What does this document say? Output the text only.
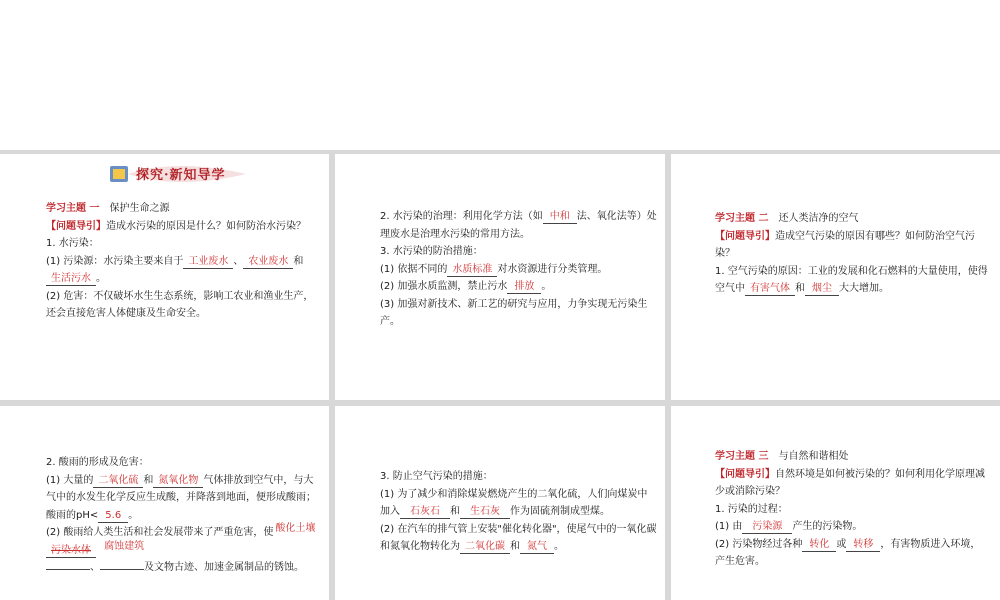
学习主题 一 保护生命之源

【问题导引】造成水污染的原因是什么？如何防治水污染？

1. 水污染：

(1) 污染源：水污染主要来自于 工业废水 、 农业废水 和
生活污水 。

(2) 危害：不仅破坏水生生态系统，影响工农业和渔业生产，还会直接危害人体健康及生命安全。

探究·新知导学

2. 水污染的治理：利用化学方法（如 中和 法、氧化法等）处理废水是治理水污染的常用方法。

3. 水污染的防治措施：

(1) 依据不同的 水质标准 对水资源进行分类管理。

(2) 加强水质监测，禁止污水 排放 。

(3) 加强对新技术、新工艺的研究与应用，力争实现无污染生产。

学习主题 二 还人类洁净的空气

【问题导引】造成空气污染的原因有哪些？如何防治空气污染？

1. 空气污染的原因：工业的发展和化石燃料的大量使用，使得空气中 有害气体 和 烟尘 大大增加。

2. 酸雨的形成及危害：

(1) 大量的 二氧化硫 和 氮氧化物 气体排放到空气中，与大气中的水发生化学反应生成酸，并降落到地面，便形成酸雨；酸雨的pH< 5.6 。

(2) 酸雨给人类生活和社会发展带来了严重危害，使 酸化土壤
污染水体 腐蚀建筑
、	及文物古迹、加速金属制品的锈蚀。

3. 防止空气污染的措施：

(1) 为了减少和消除煤炭燃烧产生的二氧化硫，人们向煤炭中加入 石灰石 和 生石灰 作为固硫剂制成型煤。

(2) 在汽车的排气管上安装"催化转化器"，使尾气中的一氧化碳和氮氧化物转化为 二氧化碳 和 氮气 。

学习主题 三 与自然和谐相处

【问题导引】自然环境是如何被污染的？如何利用化学原理减少或消除污染？

1. 污染的过程：

(1) 由 污染源 产生的污染物。

(2) 污染物经过各种 转化 或 转移 ，有害物质进入环境，产生危害。
